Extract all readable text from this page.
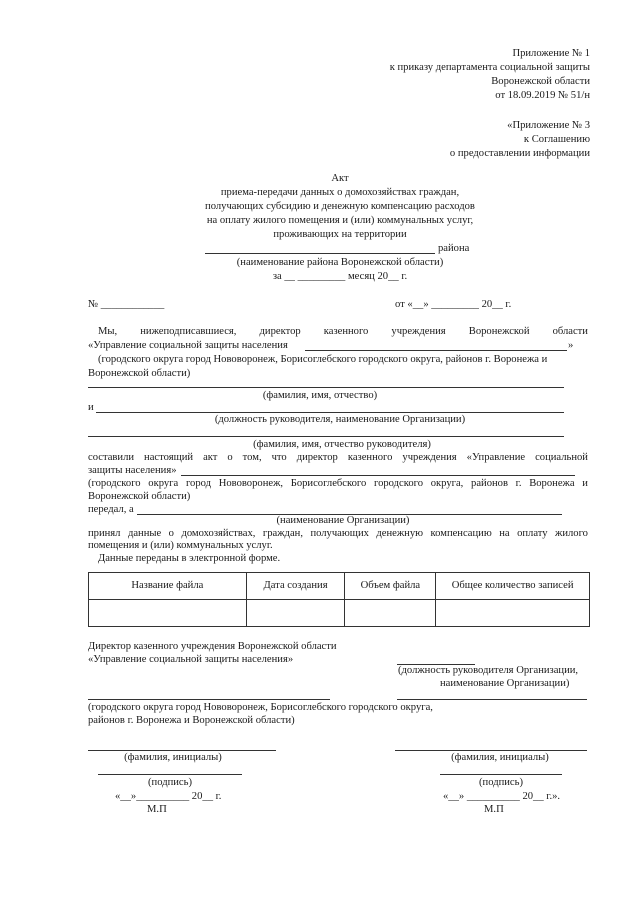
Приложение № 1
к приказу департамента социальной защиты
Воронежской области
от 18.09.2019 № 51/н
«Приложение № 3
к Соглашению
о предоставлении информации
Акт
приема-передачи данных о домохозяйствах граждан,
получающих субсидию и денежную компенсацию расходов
на оплату жилого помещения и (или) коммунальных услуг,
проживающих на территории
района
(наименование района Воронежской области)
за __ _________ месяц 20__ г.
№ ____________	от «__» _________ 20__ г.
Мы, нижеподписавшиеся, директор казенного учреждения Воронежской области
«Управление социальной защиты населения	»
(городского округа город Нововоронеж, Борисоглебского городского округа, районов г. Воронежа и
Воронежской области)
(фамилия, имя, отчество)
и
(должность руководителя, наименование Организации)
(фамилия, имя, отчество руководителя)
составили настоящий акт о том, что директор казенного учреждения «Управление социальной
защиты населения»
(городского округа город Нововоронеж, Борисоглебского городского округа, районов г. Воронежа и
Воронежской области)
передал, а
(наименование Организации)
принял данные о домохозяйствах, граждан, получающих денежную компенсацию на оплату жилого
помещения и (или) коммунальных услуг.
Данные переданы в электронной форме.
Название файла	Дата создания	Объем файла	Общее количество записей

Директор казенного учреждения Воронежской области
«Управление социальной защиты населения»
(должность руководителя Организации,
наименование Организации)
(городского округа город Нововоронеж, Борисоглебского городского округа,
районов г. Воронежа и Воронежской области)
(фамилия, инициалы)	(фамилия, инициалы)
(подпись)	(подпись)
«__»__________ 20__ г.	«__» __________ 20__ г.».
М.П	М.П
